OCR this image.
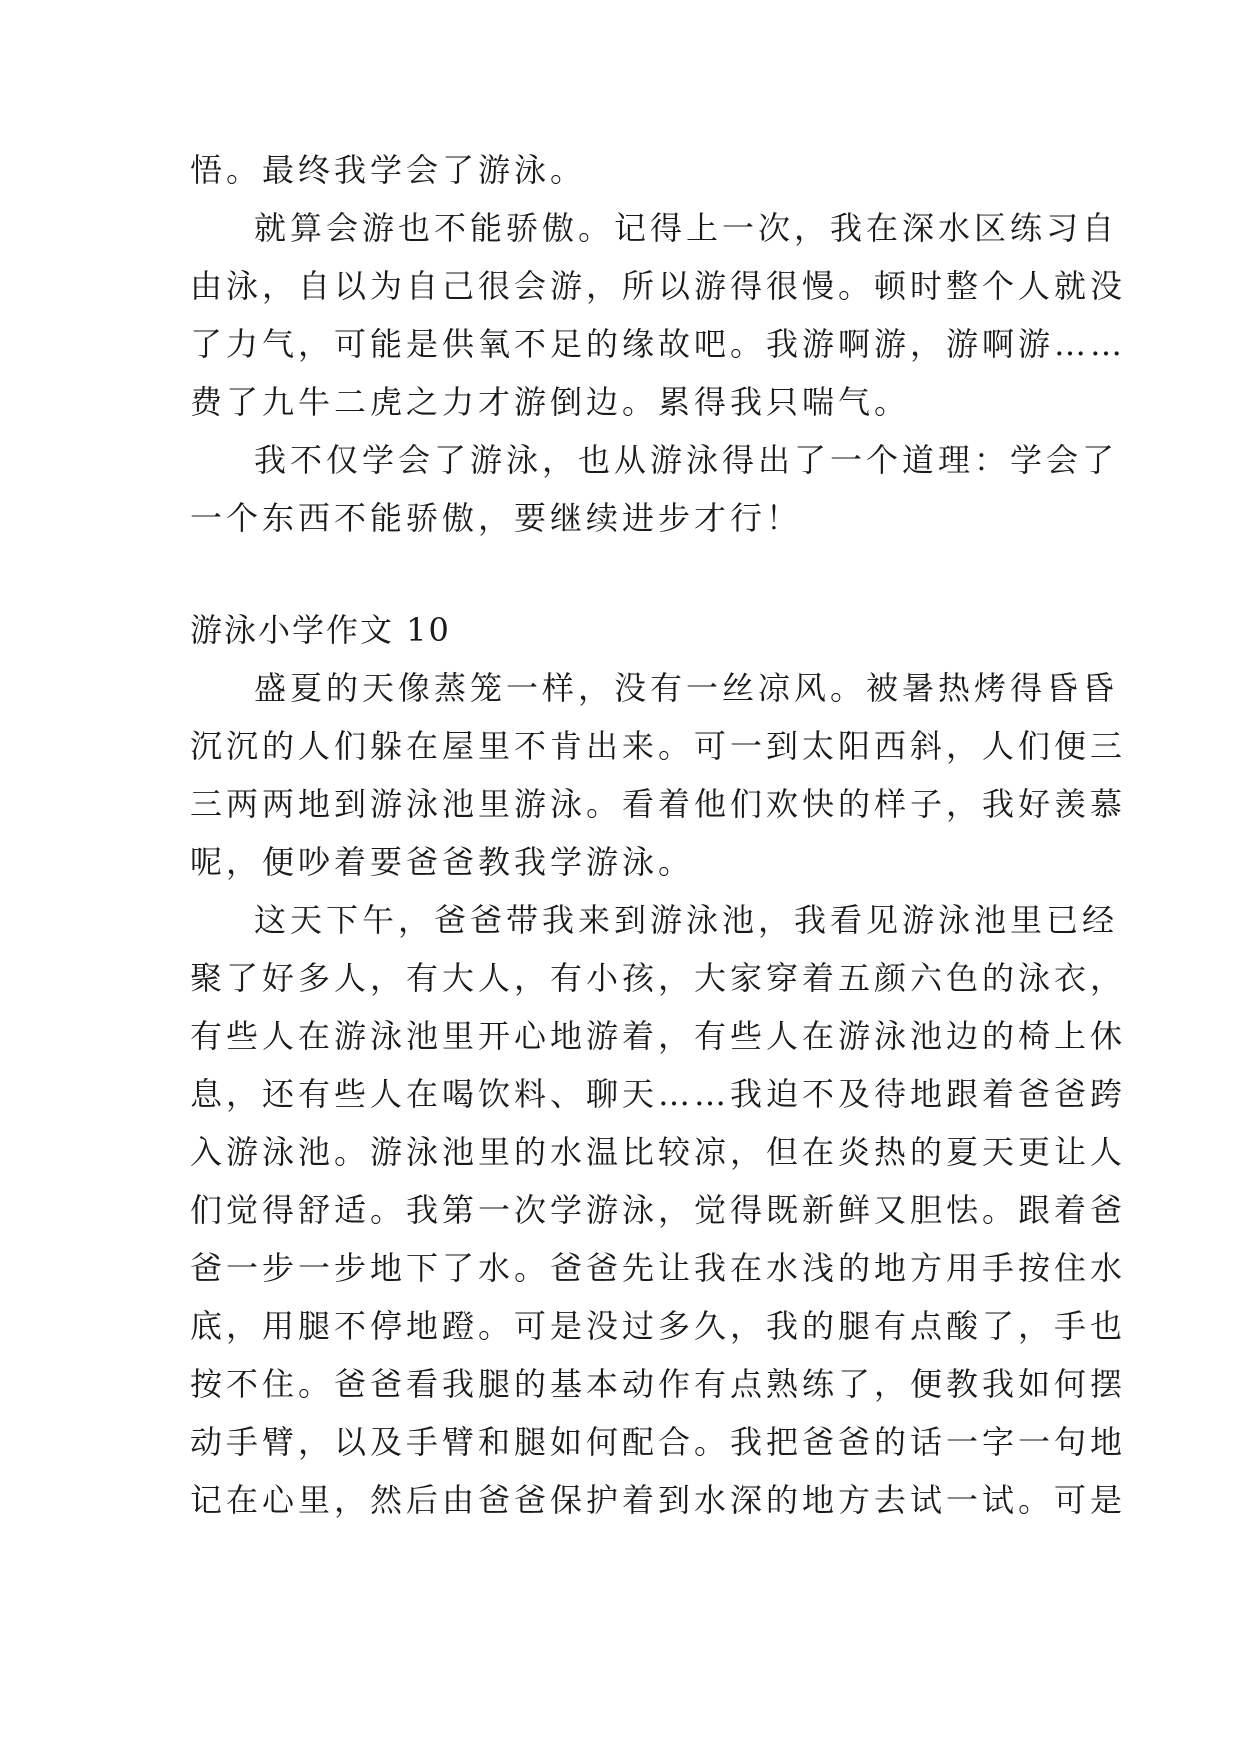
悟。最终我学会了游泳。
就算会游也不能骄傲。记得上一次，我在深水区练习自
由泳，自以为自己很会游，所以游得很慢。顿时整个人就没
了力气，可能是供氧不足的缘故吧。我游啊游，游啊游……
费了九牛二虎之力才游倒边。累得我只喘气。
我不仅学会了游泳，也从游泳得出了一个道理：学会了
一个东西不能骄傲，要继续进步才行！
游泳小学作文 10
盛夏的天像蒸笼一样，没有一丝凉风。被暑热烤得昏昏
沉沉的人们躲在屋里不肯出来。可一到太阳西斜，人们便三
三两两地到游泳池里游泳。看着他们欢快的样子，我好羡慕
呢，便吵着要爸爸教我学游泳。
这天下午，爸爸带我来到游泳池，我看见游泳池里已经
聚了好多人，有大人，有小孩，大家穿着五颜六色的泳衣，
有些人在游泳池里开心地游着，有些人在游泳池边的椅上休
息，还有些人在喝饮料、聊天……我迫不及待地跟着爸爸跨
入游泳池。游泳池里的水温比较凉，但在炎热的夏天更让人
们觉得舒适。我第一次学游泳，觉得既新鲜又胆怯。跟着爸
爸一步一步地下了水。爸爸先让我在水浅的地方用手按住水
底，用腿不停地蹬。可是没过多久，我的腿有点酸了，手也
按不住。爸爸看我腿的基本动作有点熟练了，便教我如何摆
动手臂，以及手臂和腿如何配合。我把爸爸的话一字一句地
记在心里，然后由爸爸保护着到水深的地方去试一试。可是
